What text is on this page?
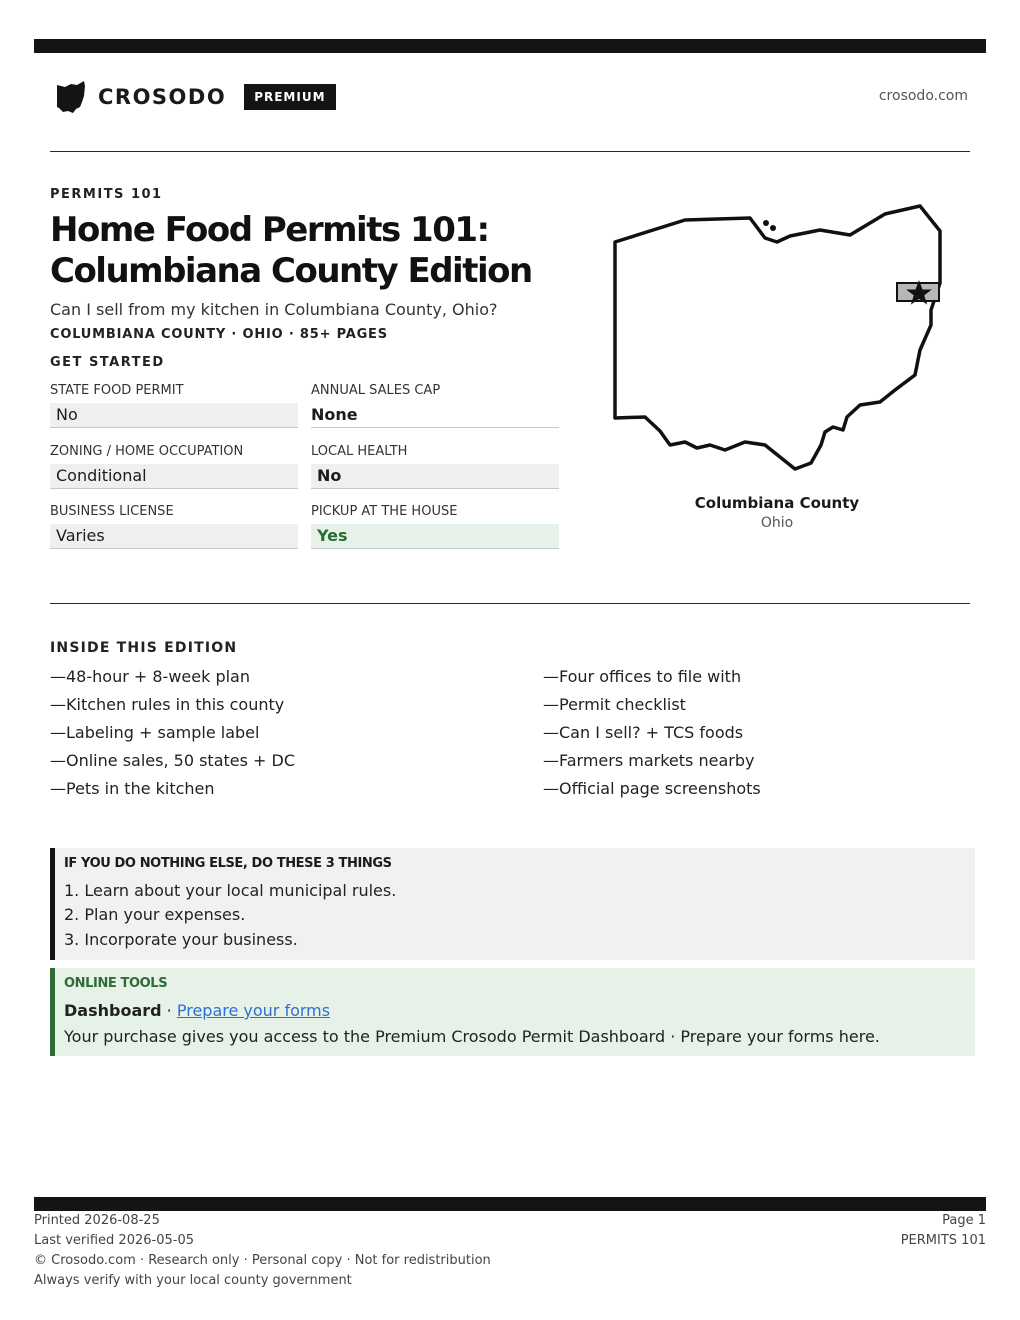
CROSODO	PREMIUM	crosodo.com
PERMITS 101
Home Food Permits 101:
Columbiana County Edition
Can I sell from my kitchen in Columbiana County, Ohio?
COLUMBIANA COUNTY · OHIO · 85+ PAGES
GET STARTED
STATE FOOD PERMIT
No
ANNUAL SALES CAP
None
ZONING / HOME OCCUPATION
Conditional
LOCAL HEALTH
No
BUSINESS LICENSE
Varies
PICKUP AT THE HOUSE
Yes
Columbiana County
Ohio
INSIDE THIS EDITION
—48-hour + 8-week plan
—Kitchen rules in this county
—Labeling + sample label
—Online sales, 50 states + DC
—Pets in the kitchen
—Four offices to file with
—Permit checklist
—Can I sell? + TCS foods
—Farmers markets nearby
—Official page screenshots
IF YOU DO NOTHING ELSE, DO THESE 3 THINGS
1. Learn about your local municipal rules.
2. Plan your expenses.
3. Incorporate your business.
ONLINE TOOLS
Dashboard · Prepare your forms
Your purchase gives you access to the Premium Crosodo Permit Dashboard · Prepare your forms here.
Printed 2026-08-25
Last verified 2026-05-05
© Crosodo.com · Research only · Personal copy · Not for redistribution
Always verify with your local county government
Page 1
PERMITS 101
